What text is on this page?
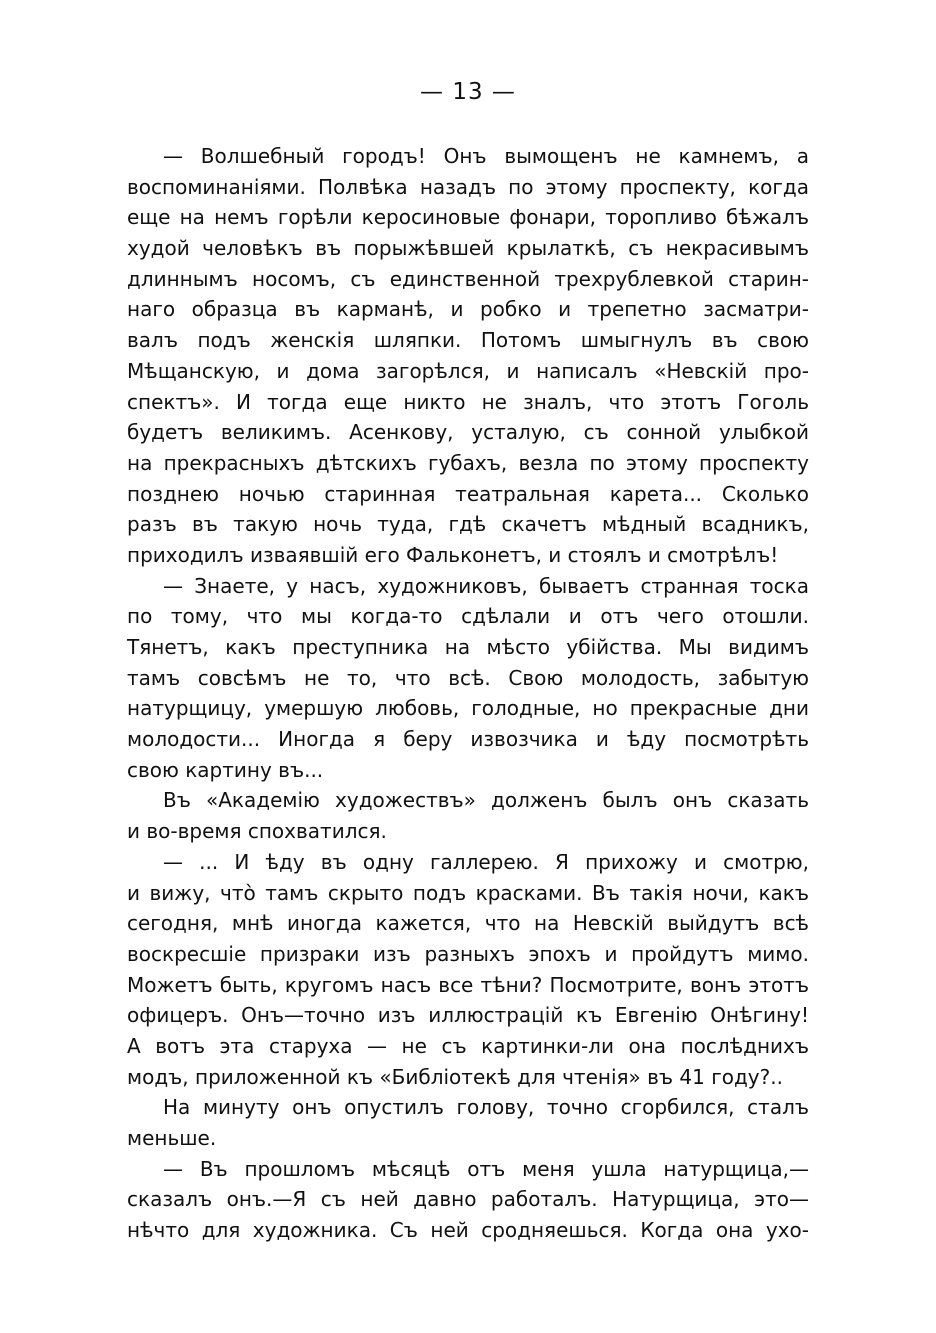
— 13 —
— Волшебный городъ! Онъ вымощенъ не камнемъ, а
воспоминаніями. Полвѣка назадъ по этому проспекту, когда
еще на немъ горѣли керосиновые фонари, торопливо бѣжалъ
худой человѣкъ въ порыжѣвшей крылаткѣ, съ некрасивымъ
длиннымъ носомъ, съ единственной трехрублевкой старин-
наго образца въ карманѣ, и робко и трепетно засматри-
валъ подъ женскія шляпки. Потомъ шмыгнулъ въ свою
Мѣщанскую, и дома загорѣлся, и написалъ «Невскій про-
спектъ». И тогда еще никто не зналъ, что этотъ Гоголь
будетъ великимъ. Асенкову, усталую, съ сонной улыбкой
на прекрасныхъ дѣтскихъ губахъ, везла по этому проспекту
позднею ночью старинная театральная карета... Сколько
разъ въ такую ночь туда, гдѣ скачетъ мѣдный всадникъ,
приходилъ изваявшій его Фальконетъ, и стоялъ и смотрѣлъ!
— Знаете, у насъ, художниковъ, бываетъ странная тоска
по тому, что мы когда-то сдѣлали и отъ чего отошли.
Тянетъ, какъ преступника на мѣсто убійства. Мы видимъ
тамъ совсѣмъ не то, что всѣ. Свою молодость, забытую
натурщицу, умершую любовь, голодные, но прекрасные дни
молодости... Иногда я беру извозчика и ѣду посмотрѣть
свою картину въ...
Въ «Академію художествъ» долженъ былъ онъ сказать
и во-время спохватился.
— ... И ѣду въ одну галлерею. Я прихожу и смотрю,
и вижу, что̀ тамъ скрыто подъ красками. Въ такія ночи, какъ
сегодня, мнѣ иногда кажется, что на Невскій выйдутъ всѣ
воскресшіе призраки изъ разныхъ эпохъ и пройдутъ мимо.
Можетъ быть, кругомъ насъ все тѣни? Посмотрите, вонъ этотъ
офицеръ. Онъ—точно изъ иллюстрацій къ Евгенію Онѣгину!
А вотъ эта старуха — не съ картинки-ли она послѣднихъ
модъ, приложенной къ «Библіотекѣ для чтенія» въ 41 году?..
На минуту онъ опустилъ голову, точно сгорбился, сталъ
меньше.
— Въ прошломъ мѣсяцѣ отъ меня ушла натурщица,—
сказалъ онъ.—Я съ ней давно работалъ. Натурщица, это—
нѣчто для художника. Съ ней сродняешься. Когда она ухо-
